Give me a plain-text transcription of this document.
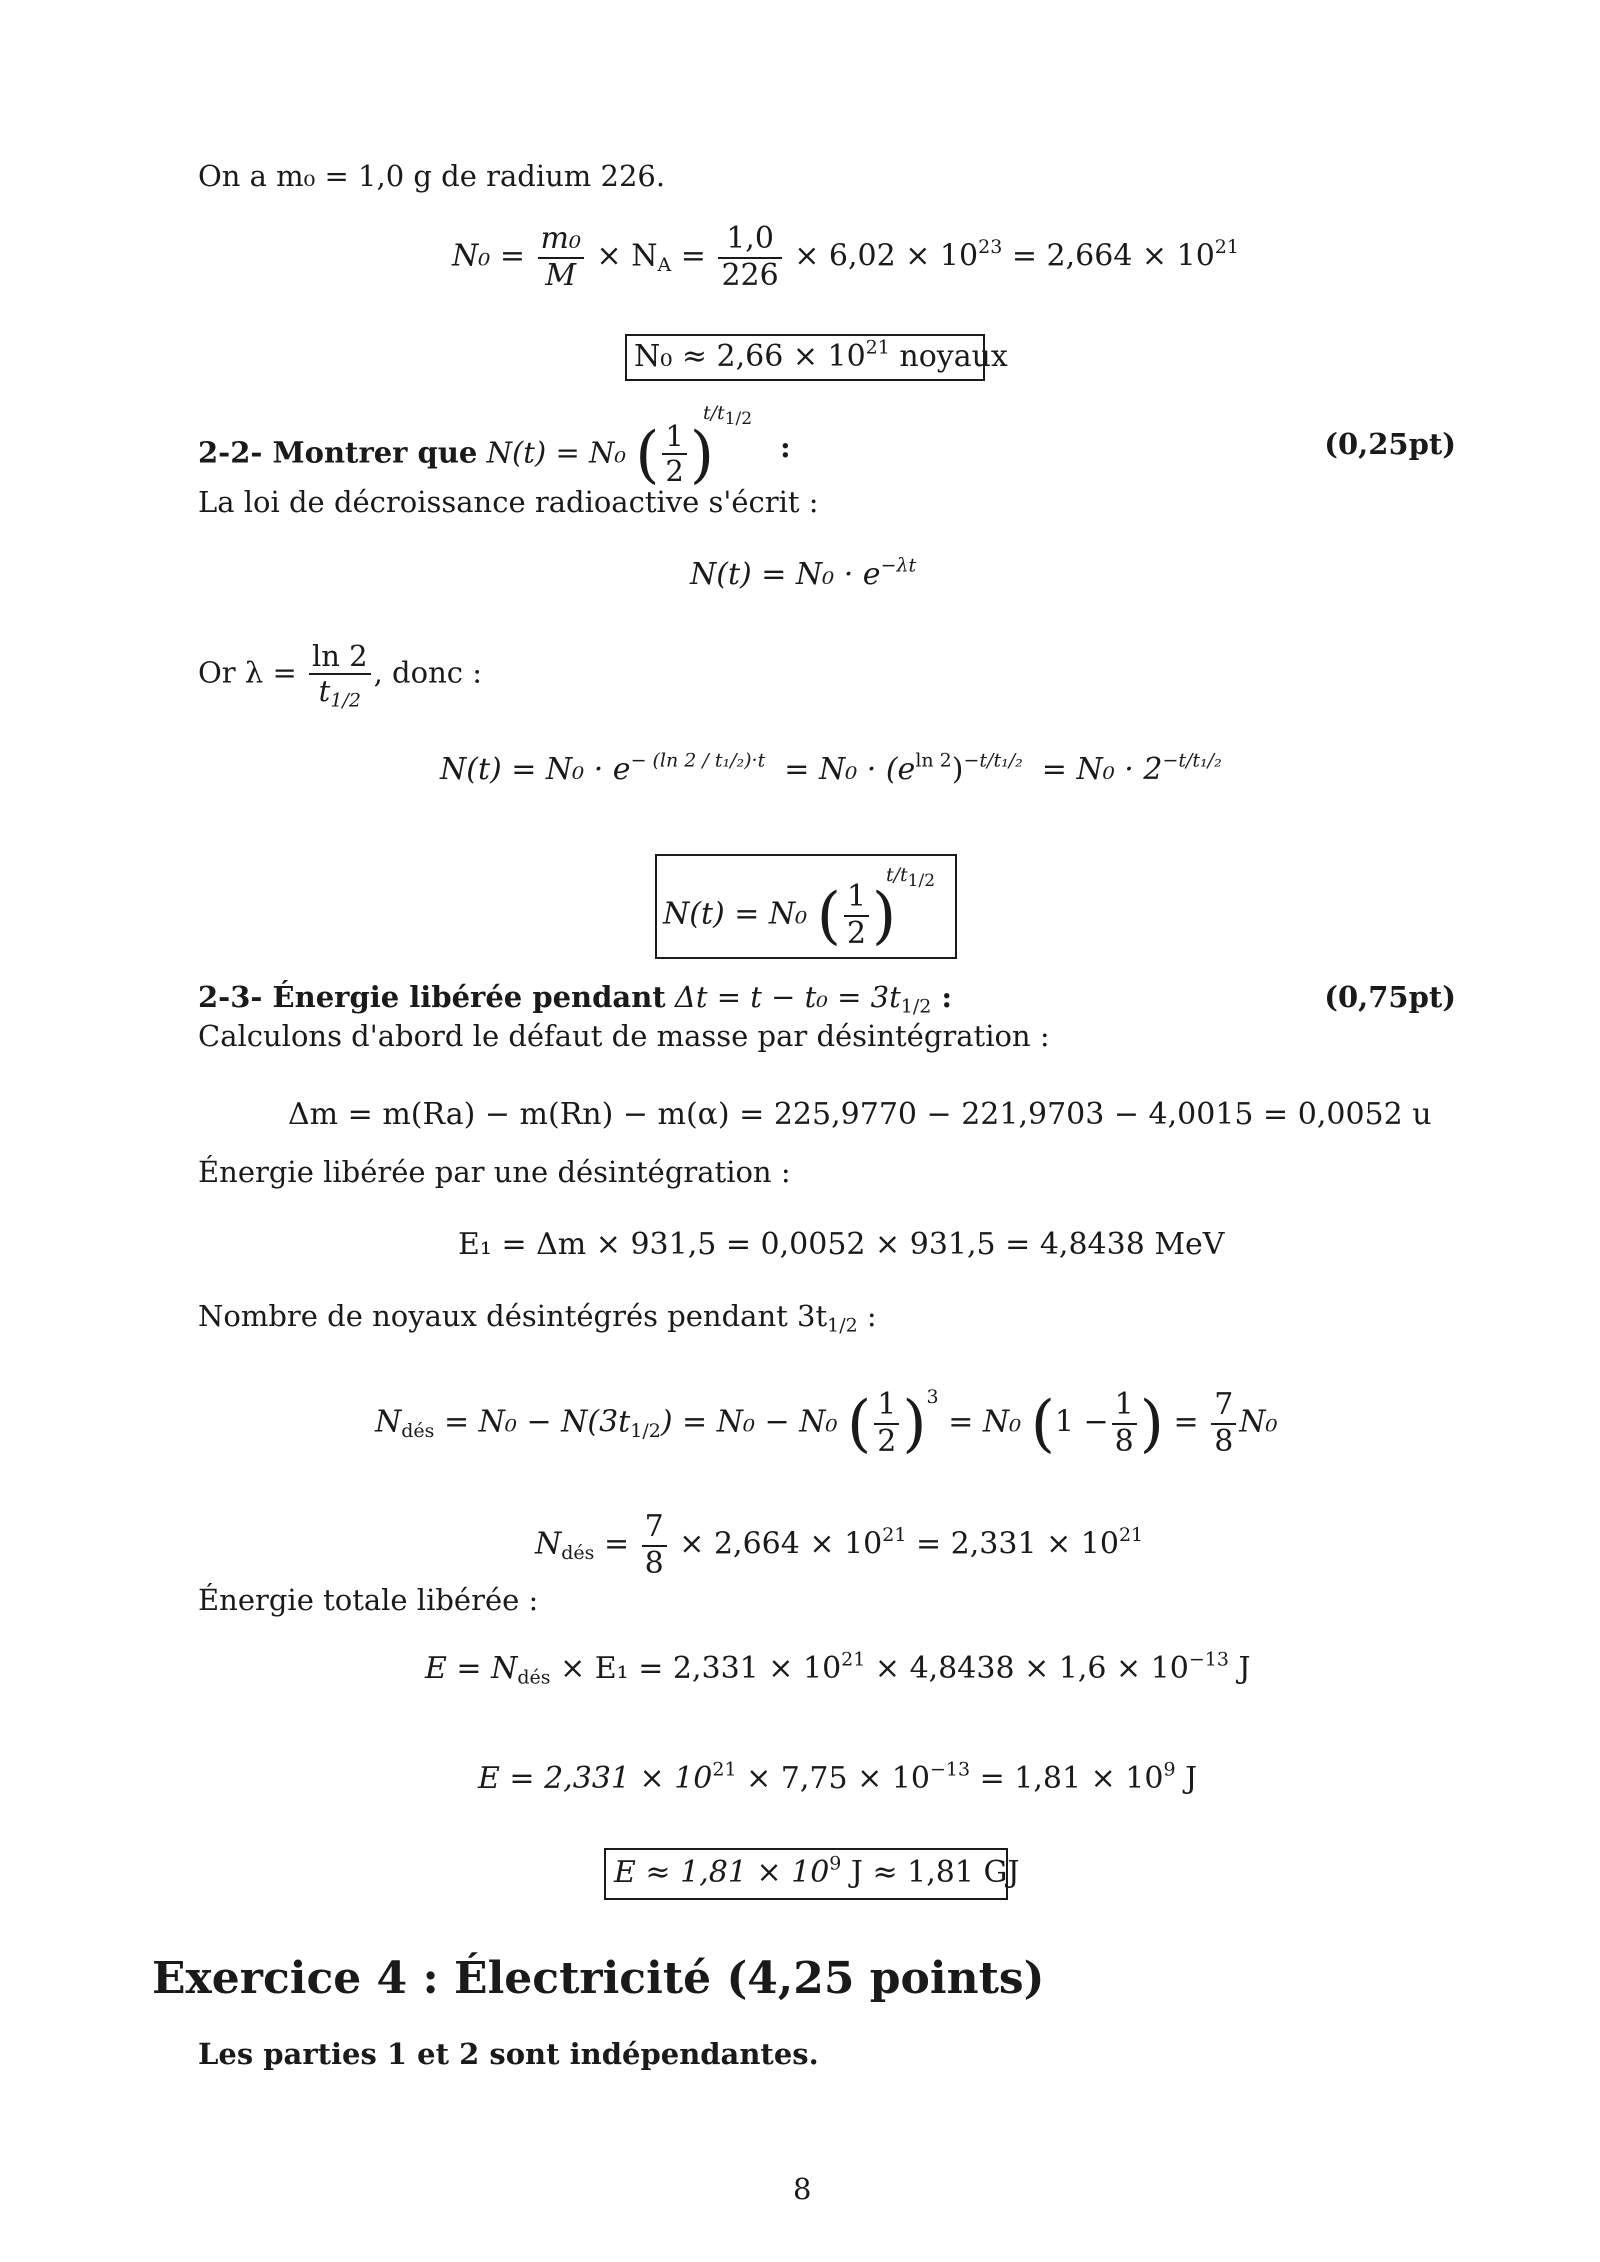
On a m₀ = 1,0 g de radium 226.
$N_0 = \frac{\text{m₀}}{M} \times N_A = \frac{1,0}{226} \times 6,02 \times 10^{23} = 2,664 \times 10^{21}$
$N_0 \approx 2,66 \times 10^{21}$ noyaux
2-2- Montrer que N(t) = N₀ ( $\frac{1}{2}$ )
$t/t_{1/2}$
:	(0,25pt)
La loi de décroissance radioactive s'écrit :
$N(t) = N_0 \cdot e^{-\lambda t}$
Or $\lambda = \frac{\ln 2}{t_{1/2}}$ , donc :
$N(t) = N_0 \cdot e^{- (ln 2 / t_1/_2)\cdot t} = N_0 \cdot (e^{ln 2})^{-t/t_1/_2} = N_0 \cdot 2^{-t/t_1/_2}$
N(t) = N₀ ( $\frac{1}{2}$ )
$t/t_{1/2}$
2-3- Énergie libérée pendant $\Delta t = t - t_0 = 3t_{1/2}$ :	(0,75pt)
Calculons d'abord le défaut de masse par désintégration :
Δm = m(Ra) − m(Rn) − m(α) = 225,9770 − 221,9703 − 4,0015 = 0,0052 u
Énergie libérée par une désintégration :
E₁ = Δm × 931,5 = 0,0052 × 931,5 = 4,8438 MeV
Nombre de noyaux désintégrés pendant $3t_{1/2}$ :
$N_{dés} = N_0 - N(3t_{1/2}) = N_0 - N_0$ ( $\frac{1}{2} )^3 = N_0$ ($1 - \frac{1}{8}$ ) = $\frac{7}{8} N_0$
$N_{dés} = \frac{7}{8} \times 2,664 \times 10^{21} = 2,331 \times 10^{21}$
Énergie totale libérée :
$E = N_{dés} \times E_1 = 2,331 \times 10^{21} \times 4,8438 \times 1,6 \times 10^{-13}$ J
$E = 2,331 \times 10^{21} \times 7,75 \times 10^{-13} = 1,81 \times 10^9$ J
$E \approx 1,81 \times 10^9$ J ≈ 1,81 GJ
Exercice 4 : Électricité (4,25 points)
Les parties 1 et 2 sont indépendantes.
8
